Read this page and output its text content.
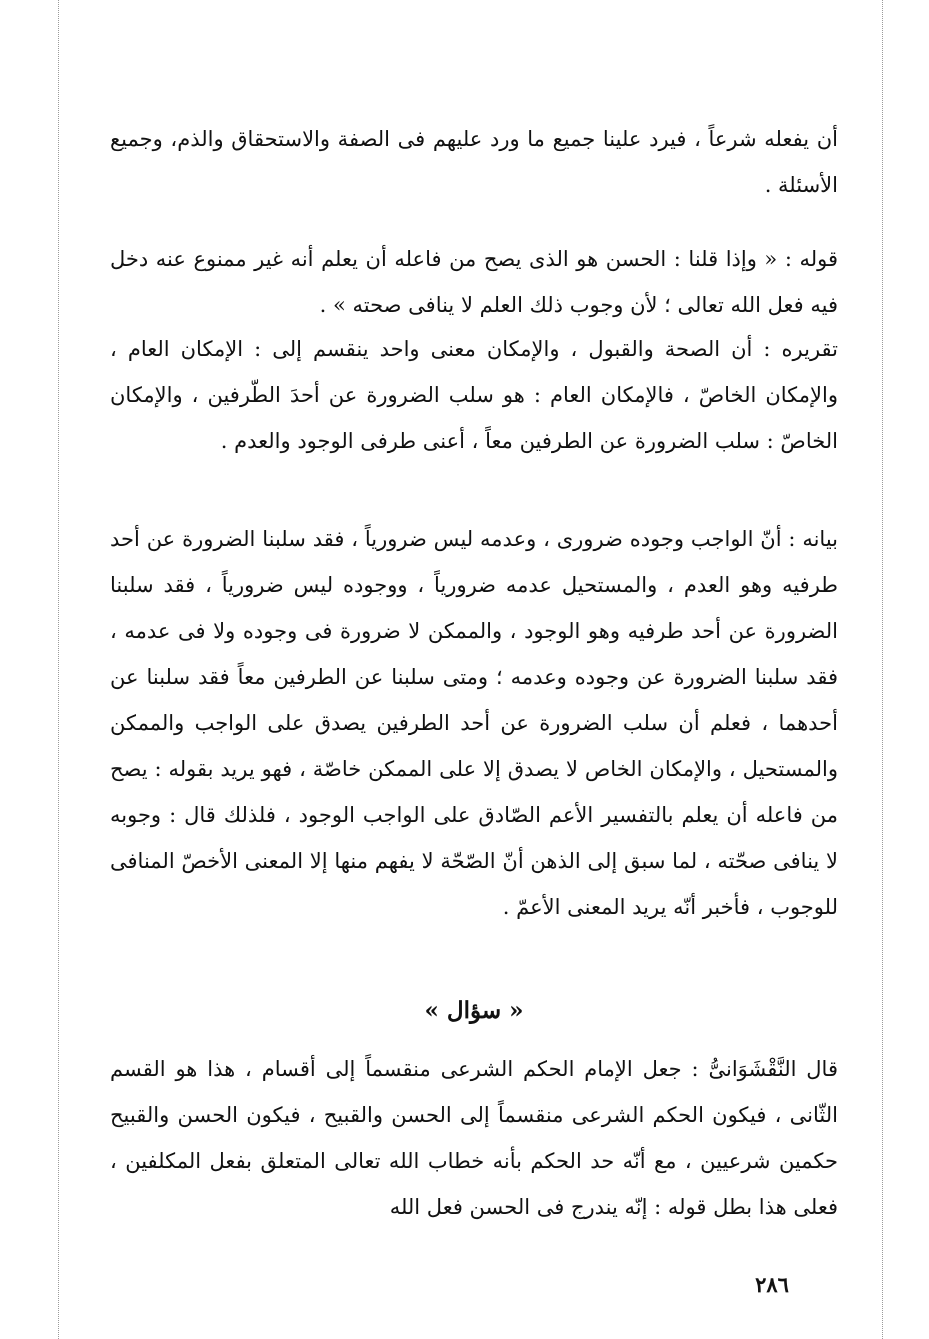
أن يفعله شرعاً ، فيرد علينا جميع ما ورد عليهم فى الصفة والاستحقاق والذم، وجميع الأسئلة .

قوله : « وإذا قلنا : الحسن هو الذى يصح من فاعله أن يعلم أنه غير ممنوع عنه دخل فيه فعل الله تعالى ؛ لأن وجوب ذلك العلم لا ينافى صحته » .

تقريره : أن الصحة والقبول ، والإمكان معنى واحد ينقسم إلى : الإمكان العام ، والإمكان الخاصّ ، فالإمكان العام : هو سلب الضرورة عن أحدَ الطّرفين ، والإمكان الخاصّ : سلب الضرورة عن الطرفين معاً ، أعنى طرفى الوجود والعدم .

بيانه : أنّ الواجب وجوده ضرورى ، وعدمه ليس ضرورياً ، فقد سلبنا الضرورة عن أحد طرفيه وهو العدم ، والمستحيل عدمه ضرورياً ، ووجوده ليس ضرورياً ، فقد سلبنا الضرورة عن أحد طرفيه وهو الوجود ، والممكن لا ضرورة فى وجوده ولا فى عدمه ، فقد سلبنا الضرورة عن وجوده وعدمه ؛ ومتى سلبنا عن الطرفين معاً فقد سلبنا عن أحدهما ، فعلم أن سلب الضرورة عن أحد الطرفين يصدق على الواجب والممكن والمستحيل ، والإمكان الخاص لا يصدق إلا على الممكن خاصّة ، فهو يريد بقوله : يصح من فاعله أن يعلم بالتفسير الأعم الصّادق على الواجب الوجود ، فلذلك قال : وجوبه لا ينافى صحّته ، لما سبق إلى الذهن أنّ الصّحّة لا يفهم منها إلا المعنى الأخصّ المنافى للوجوب ، فأخبر أنّه يريد المعنى الأعمّ .

« سؤال »

قال النَّقْشَوَانىُّ : جعل الإمام الحكم الشرعى منقسماً إلى أقسام ، هذا هو القسم الثّانى ، فيكون الحكم الشرعى منقسماً إلى الحسن والقبيح ، فيكون الحسن والقبيح حكمين شرعيين ، مع أنّه حد الحكم بأنه خطاب الله تعالى المتعلق بفعل المكلفين ، فعلى هذا بطل قوله : إنّه يندرج فى الحسن فعل الله

٢٨٦
